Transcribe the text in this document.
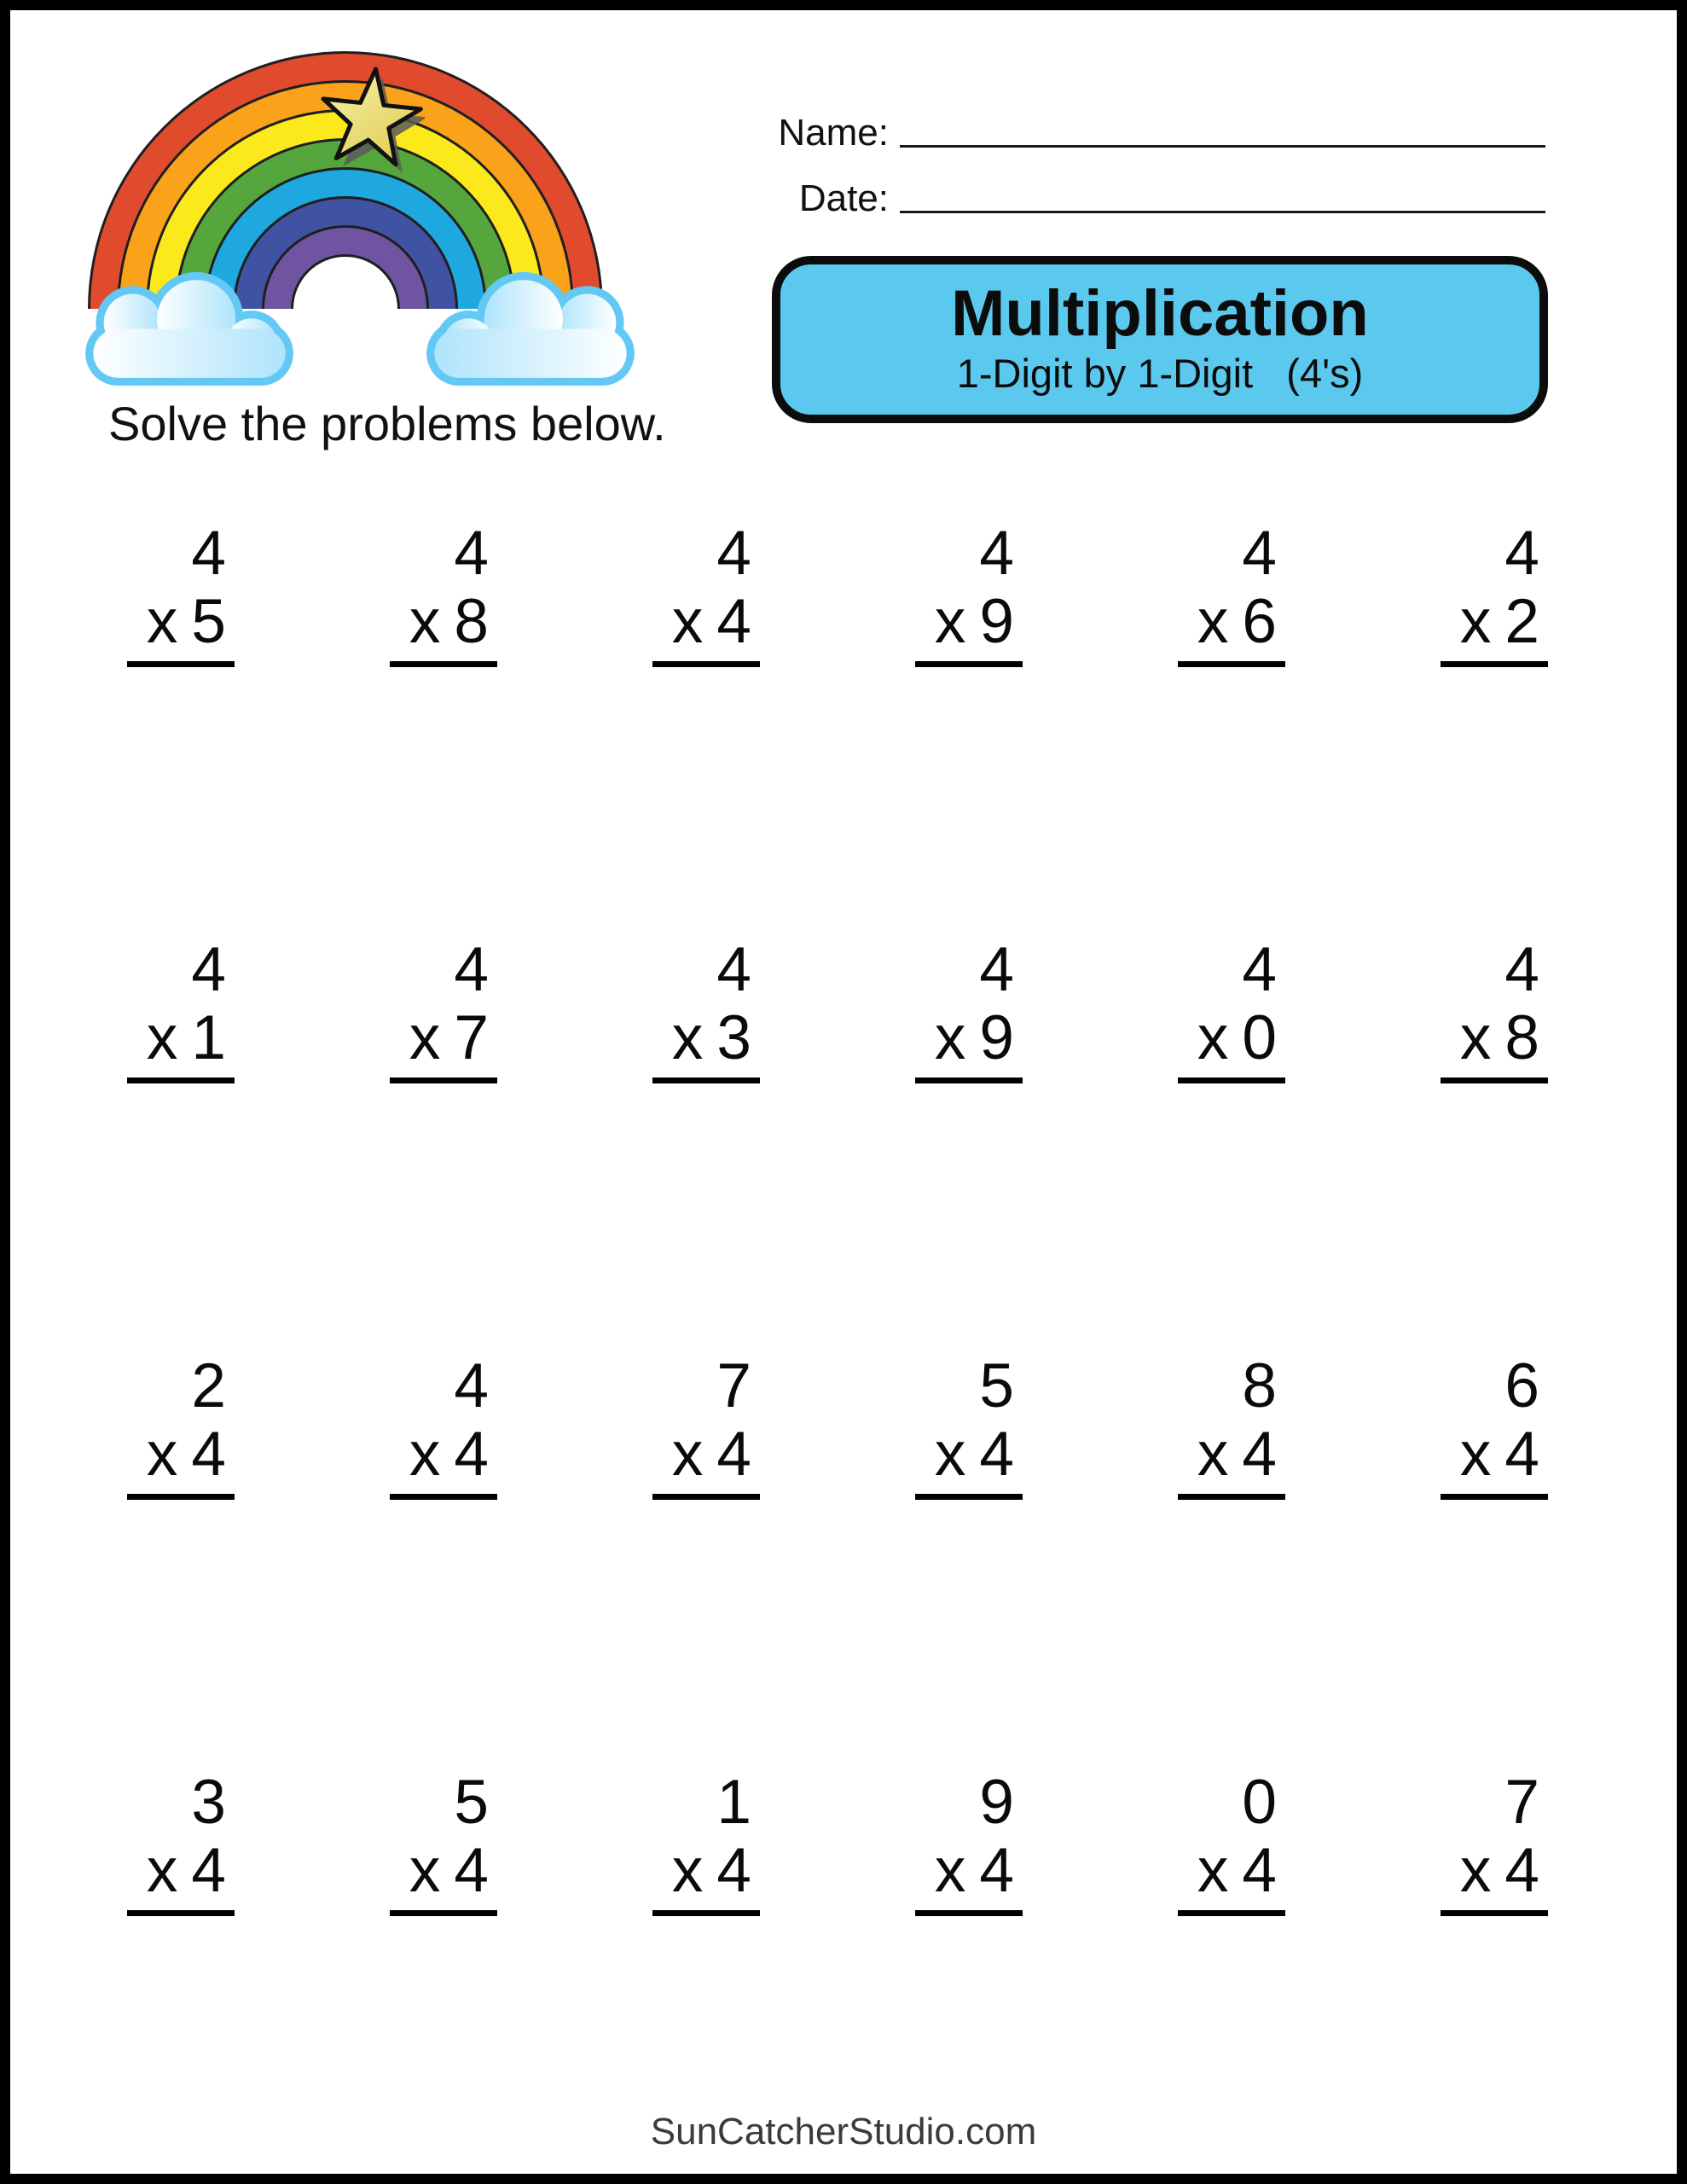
Solve the problems below.
Name:
Date:
Multiplication
1-Digit by 1-Digit   (4's)
4
x 5
4
x 8
4
x 4
4
x 9
4
x 6
4
x 2
4
x 1
4
x 7
4
x 3
4
x 9
4
x 0
4
x 8
2
x 4
4
x 4
7
x 4
5
x 4
8
x 4
6
x 4
3
x 4
5
x 4
1
x 4
9
x 4
0
x 4
7
x 4
SunCatcherStudio.com
